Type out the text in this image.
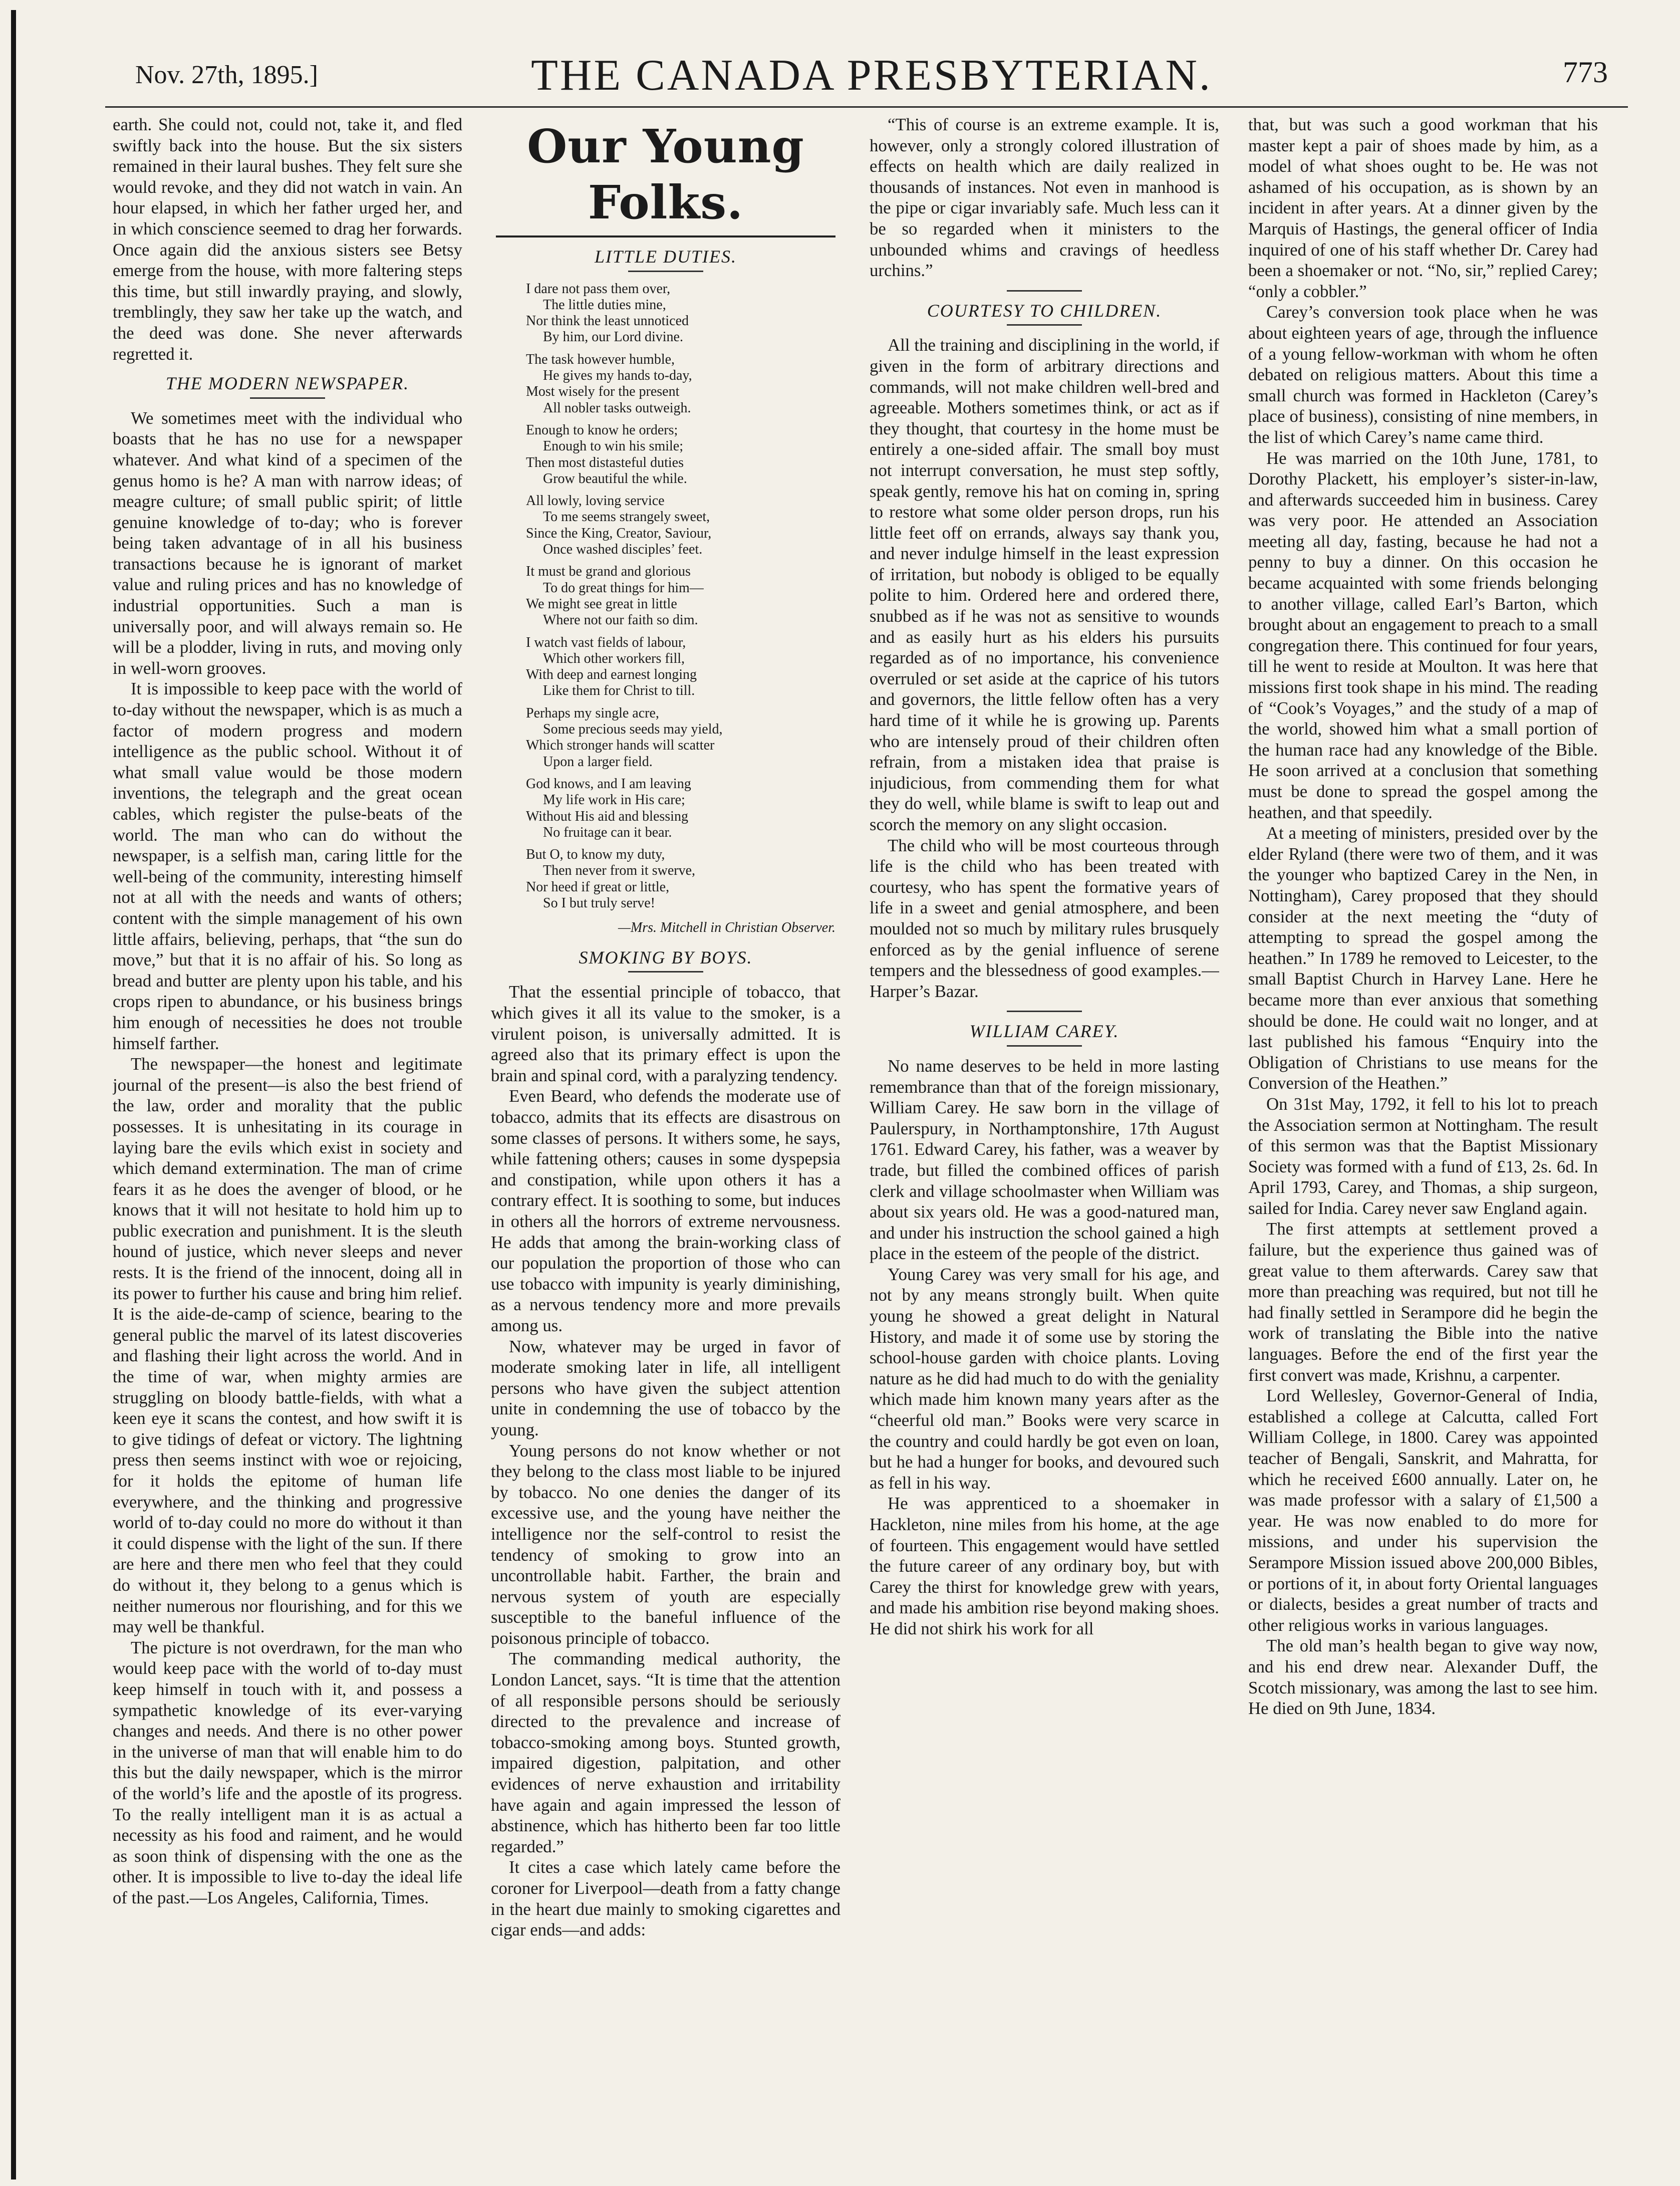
Nov. 27th, 1895.]	THE CANADA PRESBYTERIAN.	773

earth. She could not, could not, take it, and fled swiftly back into the house. But the six sisters remained in their laural bushes. They felt sure she would revoke, and they did not watch in vain. An hour elapsed, in which her father urged her, and in which conscience seemed to drag her forwards. Once again did the anxious sisters see Betsy emerge from the house, with more faltering steps this time, but still inwardly praying, and slowly, tremblingly, they saw her take up the watch, and the deed was done. She never afterwards regretted it.

THE MODERN NEWSPAPER.

We sometimes meet with the individual who boasts that he has no use for a newspaper whatever. And what kind of a specimen of the genus homo is he? A man with narrow ideas; of meagre culture; of small public spirit; of little genuine knowledge of to-day; who is forever being taken advantage of in all his business transactions because he is ignorant of market value and ruling prices and has no knowledge of industrial opportunities. Such a man is universally poor, and will always remain so. He will be a plodder, living in ruts, and moving only in well-worn grooves.

It is impossible to keep pace with the world of to-day without the newspaper, which is as much a factor of modern progress and modern intelligence as the public school. Without it of what small value would be those modern inventions, the telegraph and the great ocean cables, which register the pulse-beats of the world. The man who can do without the newspaper, is a selfish man, caring little for the well-being of the community, interesting himself not at all with the needs and wants of others; content with the simple management of his own little affairs, believing, perhaps, that “the sun do move,” but that it is no affair of his. So long as bread and butter are plenty upon his table, and his crops ripen to abundance, or his business brings him enough of necessities he does not trouble himself farther.

The newspaper—the honest and legitimate journal of the present—is also the best friend of the law, order and morality that the public possesses. It is unhesitating in its courage in laying bare the evils which exist in society and which demand extermination. The man of crime fears it as he does the avenger of blood, or he knows that it will not hesitate to hold him up to public execration and punishment. It is the sleuth hound of justice, which never sleeps and never rests. It is the friend of the innocent, doing all in its power to further his cause and bring him relief. It is the aide-de-camp of science, bearing to the general public the marvel of its latest discoveries and flashing their light across the world. And in the time of war, when mighty armies are struggling on bloody battle-fields, with what a keen eye it scans the contest, and how swift it is to give tidings of defeat or victory. The lightning press then seems instinct with woe or rejoicing, for it holds the epitome of human life everywhere, and the thinking and progressive world of to-day could no more do without it than it could dispense with the light of the sun. If there are here and there men who feel that they could do without it, they belong to a genus which is neither numerous nor flourishing, and for this we may well be thankful.

The picture is not overdrawn, for the man who would keep pace with the world of to-day must keep himself in touch with it, and possess a sympathetic knowledge of its ever-varying changes and needs. And there is no other power in the universe of man that will enable him to do this but the daily newspaper, which is the mirror of the world’s life and the apostle of its progress. To the really intelligent man it is as actual a necessity as his food and raiment, and he would as soon think of dispensing with the one as the other. It is impossible to live to-day the ideal life of the past.—Los Angeles, California, Times.

Our Young Folks.
LITTLE DUTIES.
I dare not pass them over,
The little duties mine,
Nor think the least unnoticed
By him, our Lord divine.
The task however humble,
He gives my hands to-day,
Most wisely for the present
All nobler tasks outweigh.
Enough to know he orders;
Enough to win his smile;
Then most distasteful duties
Grow beautiful the while.
All lowly, loving service
To me seems strangely sweet,
Since the King, Creator, Saviour,
Once washed disciples’ feet.
It must be grand and glorious
To do great things for him—
We might see great in little
Where not our faith so dim.
I watch vast fields of labour,
Which other workers fill,
With deep and earnest longing
Like them for Christ to till.
Perhaps my single acre,
Some precious seeds may yield,
Which stronger hands will scatter
Upon a larger field.
God knows, and I am leaving
My life work in His care;
Without His aid and blessing
No fruitage can it bear.
But O, to know my duty,
Then never from it swerve,
Nor heed if great or little,
So I but truly serve!
—Mrs. Mitchell in Christian Observer.
SMOKING BY BOYS.

That the essential principle of tobacco, that which gives it all its value to the smoker, is a virulent poison, is universally admitted. It is agreed also that its primary effect is upon the brain and spinal cord, with a paralyzing tendency.

Even Beard, who defends the moderate use of tobacco, admits that its effects are disastrous on some classes of persons. It withers some, he says, while fattening others; causes in some dyspepsia and constipation, while upon others it has a contrary effect. It is soothing to some, but induces in others all the horrors of extreme nervousness. He adds that among the brain-working class of our population the proportion of those who can use tobacco with impunity is yearly diminishing, as a nervous tendency more and more prevails among us.

Now, whatever may be urged in favor of moderate smoking later in life, all intelligent persons who have given the subject attention unite in condemning the use of tobacco by the young.

Young persons do not know whether or not they belong to the class most liable to be injured by tobacco. No one denies the danger of its excessive use, and the young have neither the intelligence nor the self-control to resist the tendency of smoking to grow into an uncontrollable habit. Farther, the brain and nervous system of youth are especially susceptible to the baneful influence of the poisonous principle of tobacco.

The commanding medical authority, the London Lancet, says. “It is time that the attention of all responsible persons should be seriously directed to the prevalence and increase of tobacco-smoking among boys. Stunted growth, impaired digestion, palpitation, and other evidences of nerve exhaustion and irritability have again and again impressed the lesson of abstinence, which has hitherto been far too little regarded.”

It cites a case which lately came before the coroner for Liverpool—death from a fatty change in the heart due mainly to smoking cigarettes and cigar ends—and adds:

“This of course is an extreme example. It is, however, only a strongly colored illustration of effects on health which are daily realized in thousands of instances. Not even in manhood is the pipe or cigar invariably safe. Much less can it be so regarded when it ministers to the unbounded whims and cravings of heedless urchins.”

COURTESY TO CHILDREN.

All the training and disciplining in the world, if given in the form of arbitrary directions and commands, will not make children well-bred and agreeable. Mothers sometimes think, or act as if they thought, that courtesy in the home must be entirely a one-sided affair. The small boy must not interrupt conversation, he must step softly, speak gently, remove his hat on coming in, spring to restore what some older person drops, run his little feet off on errands, always say thank you, and never indulge himself in the least expression of irritation, but nobody is obliged to be equally polite to him. Ordered here and ordered there, snubbed as if he was not as sensitive to wounds and as easily hurt as his elders his pursuits regarded as of no importance, his convenience overruled or set aside at the caprice of his tutors and governors, the little fellow often has a very hard time of it while he is growing up. Parents who are intensely proud of their children often refrain, from a mistaken idea that praise is injudicious, from commending them for what they do well, while blame is swift to leap out and scorch the memory on any slight occasion.

The child who will be most courteous through life is the child who has been treated with courtesy, who has spent the formative years of life in a sweet and genial atmosphere, and been moulded not so much by military rules brusquely enforced as by the genial influence of serene tempers and the blessedness of good examples.—Harper’s Bazar.

WILLIAM CAREY.

No name deserves to be held in more lasting remembrance than that of the foreign missionary, William Carey. He saw born in the village of Paulerspury, in Northamptonshire, 17th August 1761. Edward Carey, his father, was a weaver by trade, but filled the combined offices of parish clerk and village schoolmaster when William was about six years old. He was a good-natured man, and under his instruction the school gained a high place in the esteem of the people of the district.

Young Carey was very small for his age, and not by any means strongly built. When quite young he showed a great delight in Natural History, and made it of some use by storing the school-house garden with choice plants. Loving nature as he did had much to do with the geniality which made him known many years after as the “cheerful old man.” Books were very scarce in the country and could hardly be got even on loan, but he had a hunger for books, and devoured such as fell in his way.

He was apprenticed to a shoemaker in Hackleton, nine miles from his home, at the age of fourteen. This engagement would have settled the future career of any ordinary boy, but with Carey the thirst for knowledge grew with years, and made his ambition rise beyond making shoes. He did not shirk his work for all

that, but was such a good workman that his master kept a pair of shoes made by him, as a model of what shoes ought to be. He was not ashamed of his occupation, as is shown by an incident in after years. At a dinner given by the Marquis of Hastings, the general officer of India inquired of one of his staff whether Dr. Carey had been a shoemaker or not. “No, sir,” replied Carey; “only a cobbler.”

Carey’s conversion took place when he was about eighteen years of age, through the influence of a young fellow-workman with whom he often debated on religious matters. About this time a small church was formed in Hackleton (Carey’s place of business), consisting of nine members, in the list of which Carey’s name came third.

He was married on the 10th June, 1781, to Dorothy Plackett, his employer’s sister-in-law, and afterwards succeeded him in business. Carey was very poor. He attended an Association meeting all day, fasting, because he had not a penny to buy a dinner. On this occasion he became acquainted with some friends belonging to another village, called Earl’s Barton, which brought about an engagement to preach to a small congregation there. This continued for four years, till he went to reside at Moulton. It was here that missions first took shape in his mind. The reading of “Cook’s Voyages,” and the study of a map of the world, showed him what a small portion of the human race had any knowledge of the Bible. He soon arrived at a conclusion that something must be done to spread the gospel among the heathen, and that speedily.

At a meeting of ministers, presided over by the elder Ryland (there were two of them, and it was the younger who baptized Carey in the Nen, in Nottingham), Carey proposed that they should consider at the next meeting the “duty of attempting to spread the gospel among the heathen.” In 1789 he removed to Leicester, to the small Baptist Church in Harvey Lane. Here he became more than ever anxious that something should be done. He could wait no longer, and at last published his famous “Enquiry into the Obligation of Christians to use means for the Conversion of the Heathen.”

On 31st May, 1792, it fell to his lot to preach the Association sermon at Nottingham. The result of this sermon was that the Baptist Missionary Society was formed with a fund of £13, 2s. 6d. In April 1793, Carey, and Thomas, a ship surgeon, sailed for India. Carey never saw England again.

The first attempts at settlement proved a failure, but the experience thus gained was of great value to them afterwards. Carey saw that more than preaching was required, but not till he had finally settled in Serampore did he begin the work of translating the Bible into the native languages. Before the end of the first year the first convert was made, Krishnu, a carpenter.

Lord Wellesley, Governor-General of India, established a college at Calcutta, called Fort William College, in 1800. Carey was appointed teacher of Bengali, Sanskrit, and Mahratta, for which he received £600 annually. Later on, he was made professor with a salary of £1,500 a year. He was now enabled to do more for missions, and under his supervision the Serampore Mission issued above 200,000 Bibles, or portions of it, in about forty Oriental languages or dialects, besides a great number of tracts and other religious works in various languages.

The old man’s health began to give way now, and his end drew near. Alexander Duff, the Scotch missionary, was among the last to see him. He died on 9th June, 1834.
